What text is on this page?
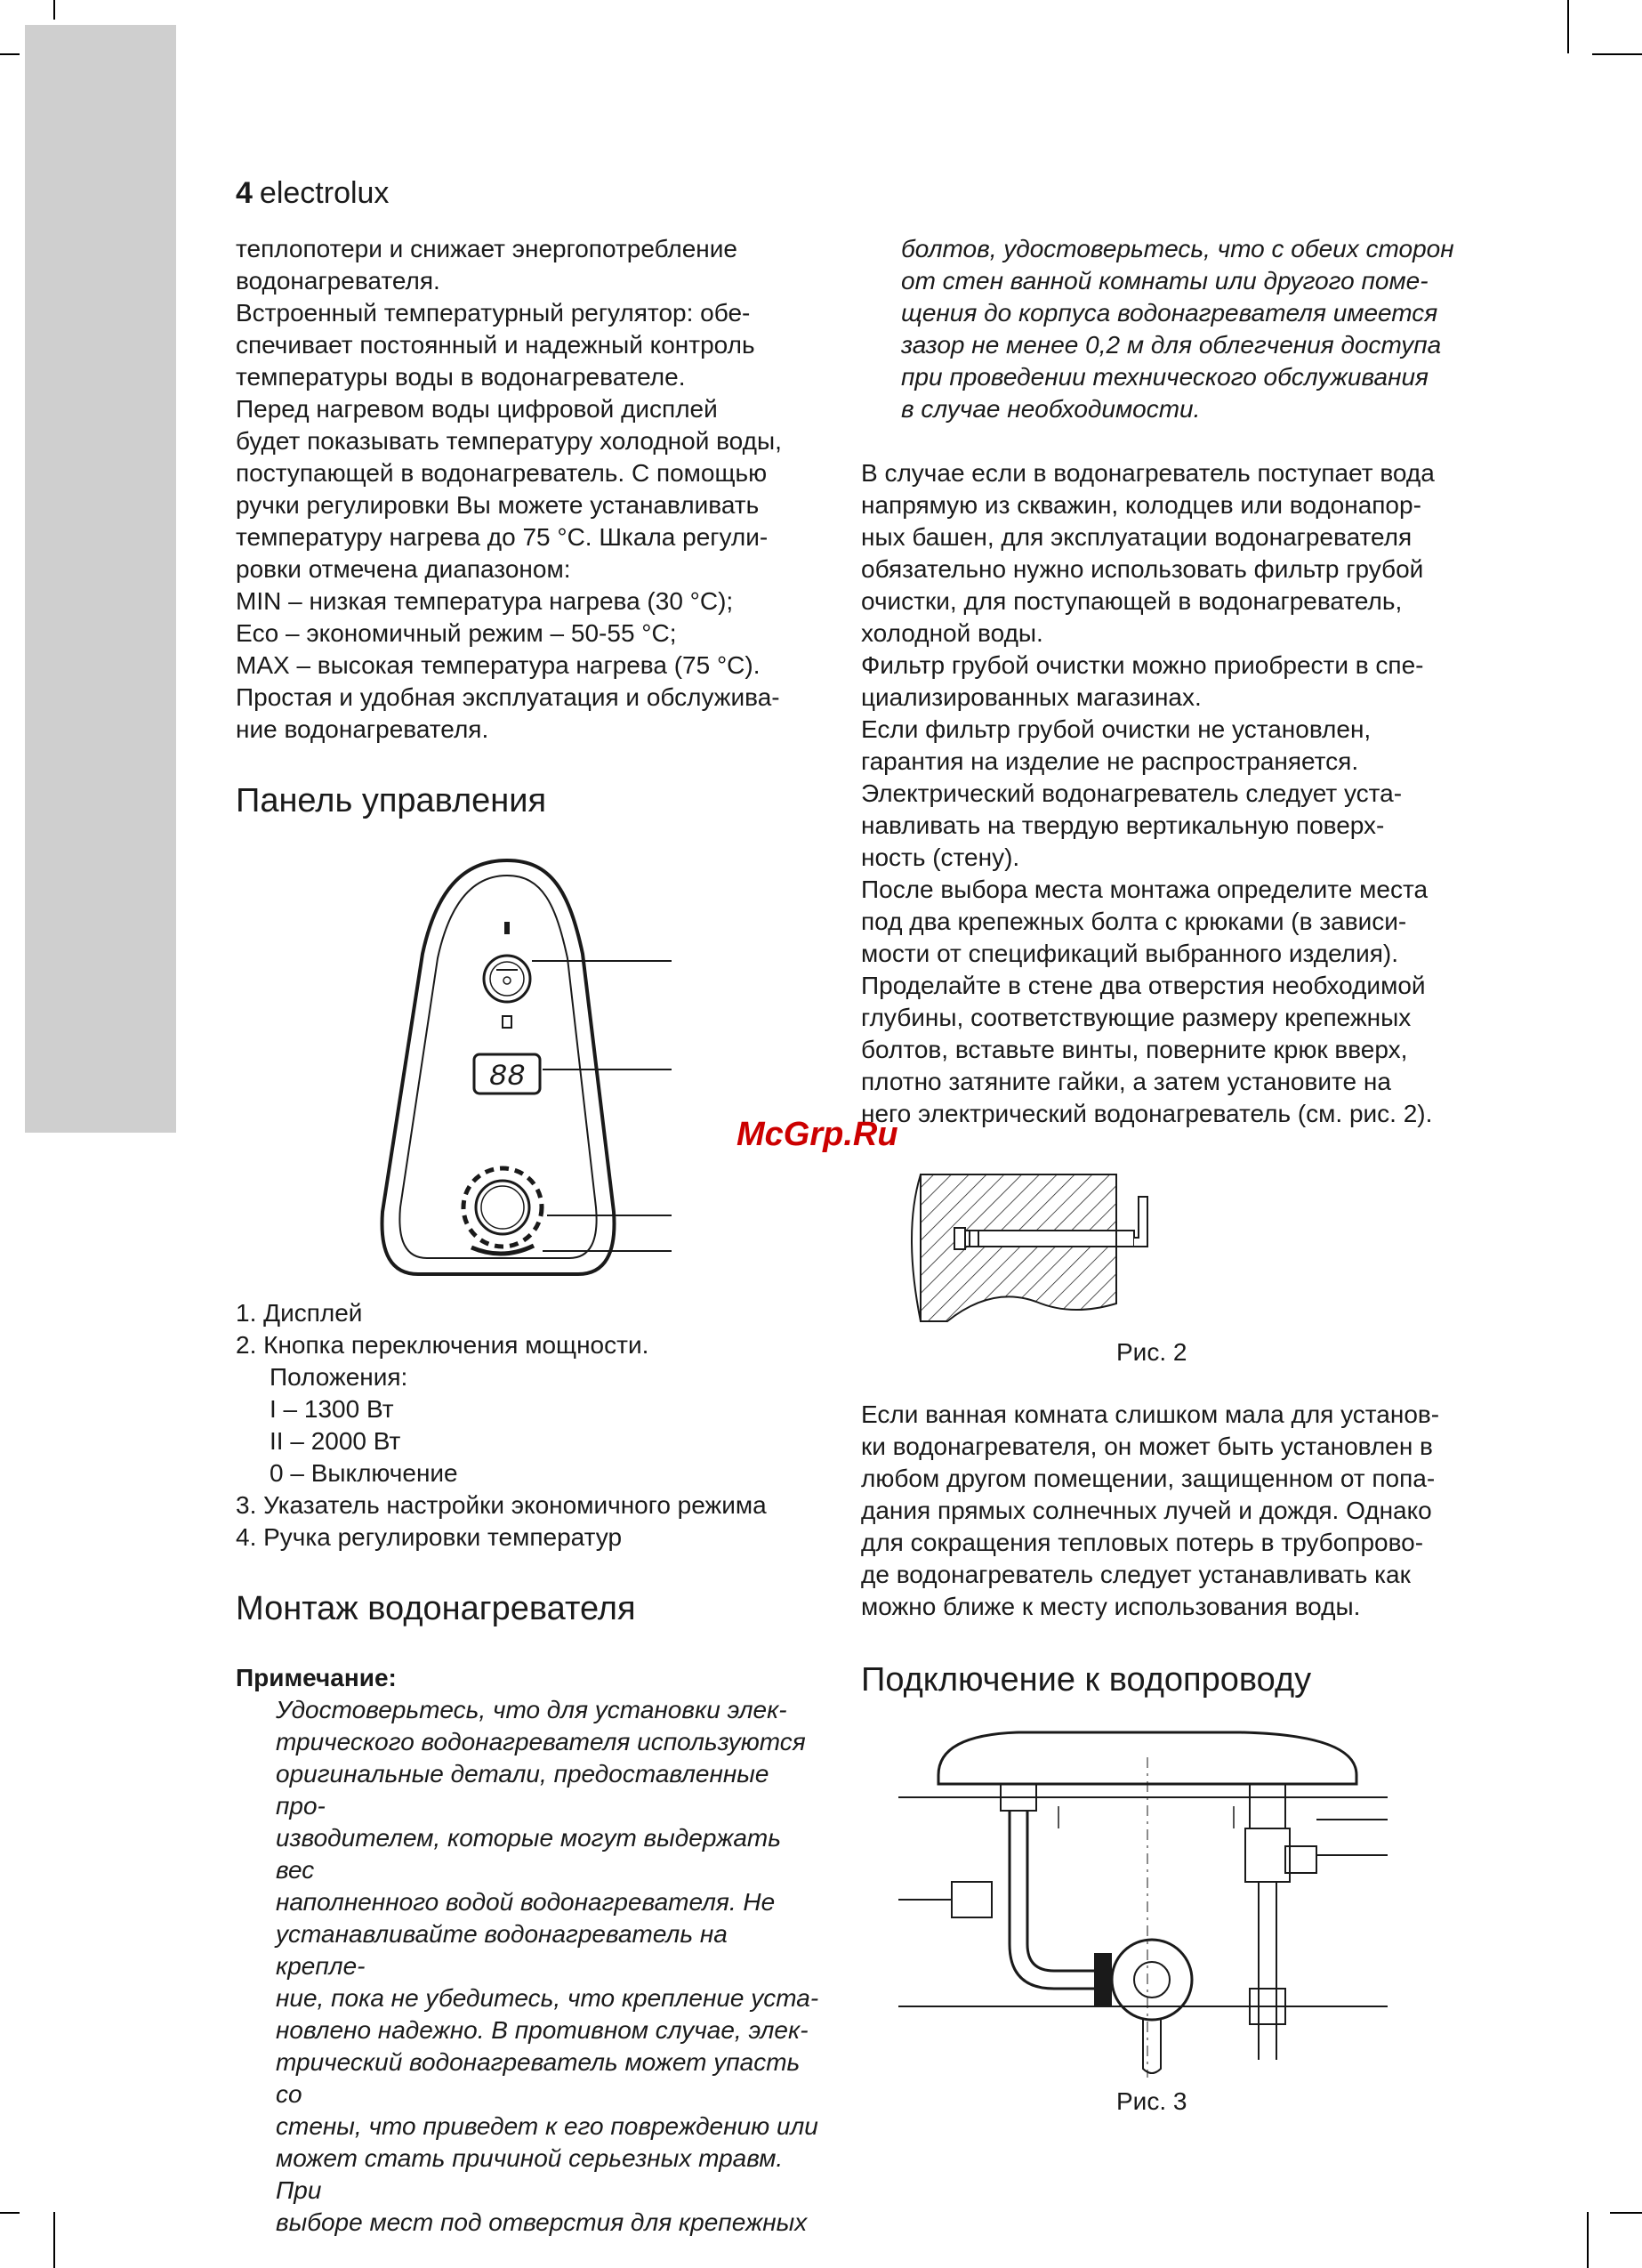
4 electrolux

теплопотери и снижает энергопотребление

водонагревателя.

Встроенный температурный регулятор: обе-

спечивает постоянный и надежный контроль

температуры воды в водонагревателе.

Перед нагревом воды цифровой дисплей

будет показывать температуру холодной воды,

поступающей в водонагреватель. С помощью

ручки регулировки Вы можете устанавливать

температуру нагрева до 75 °C. Шкала регули-

ровки отмечена диапазоном:

MIN – низкая температура нагрева (30 °C);

Eco – экономичный режим – 50-55 °C;

MAX – высокая температура нагрева (75 °C).

Простая и удобная эксплуатация и обслужива-

ние водонагревателя.

Панель управления
88
1. Дисплей
2. Кнопка переключения мощности.
Положения:
I – 1300 Вт
II – 2000 Вт
0 – Выключение
3. Указатель настройки экономичного режима
4. Ручка регулировки температур
Монтаж водонагревателя

Примечание:

Удостоверьтесь, что для установки элек-

трического водонагревателя используются

оригинальные детали, предоставленные про-

изводителем, которые могут выдержать вес

наполненного водой водонагревателя. Не

устанавливайте водонагреватель на крепле-

ние, пока не убедитесь, что крепление уста-

новлено надежно. В противном случае, элек-

трический водонагреватель может упасть со

стены, что приведет к его повреждению или

может стать причиной серьезных травм. При

выборе мест под отверстия для крепежных

болтов, удостоверьтесь, что с обеих сторон

от стен ванной комнаты или другого поме-

щения до корпуса водонагревателя имеется

зазор не менее 0,2 м для облегчения доступа

при проведении технического обслуживания

в случае необходимости.

В случае если в водонагреватель поступает вода

напрямую из скважин, колодцев или водонапор-

ных башен, для эксплуатации водонагревателя

обязательно нужно использовать фильтр грубой

очистки, для поступающей в водонагреватель,

холодной воды.

Фильтр грубой очистки можно приобрести в спе-

циализированных магазинах.

Если фильтр грубой очистки не установлен,

гарантия на изделие не распространяется.

Электрический водонагреватель следует уста-

навливать на твердую вертикальную поверх-

ность (стену).

После выбора места монтажа определите места

под два крепежных болта с крюками (в зависи-

мости от спецификаций выбранного изделия).

Проделайте в стене два отверстия необходимой

глубины, соответствующие размеру крепежных

болтов, вставьте винты, поверните крюк вверх,

плотно затяните гайки, а затем установите на

него электрический водонагреватель (см. рис. 2).

McGrp.Ru
Рис. 2

Если ванная комната слишком мала для установ-

ки водонагревателя, он может быть установлен в

любом другом помещении, защищенном от попа-

дания прямых солнечных лучей и дождя. Однако

для сокращения тепловых потерь в трубопрово-

де водонагреватель следует устанавливать как

можно ближе к месту использования воды.

Подключение к водопроводу
Рис. 3
